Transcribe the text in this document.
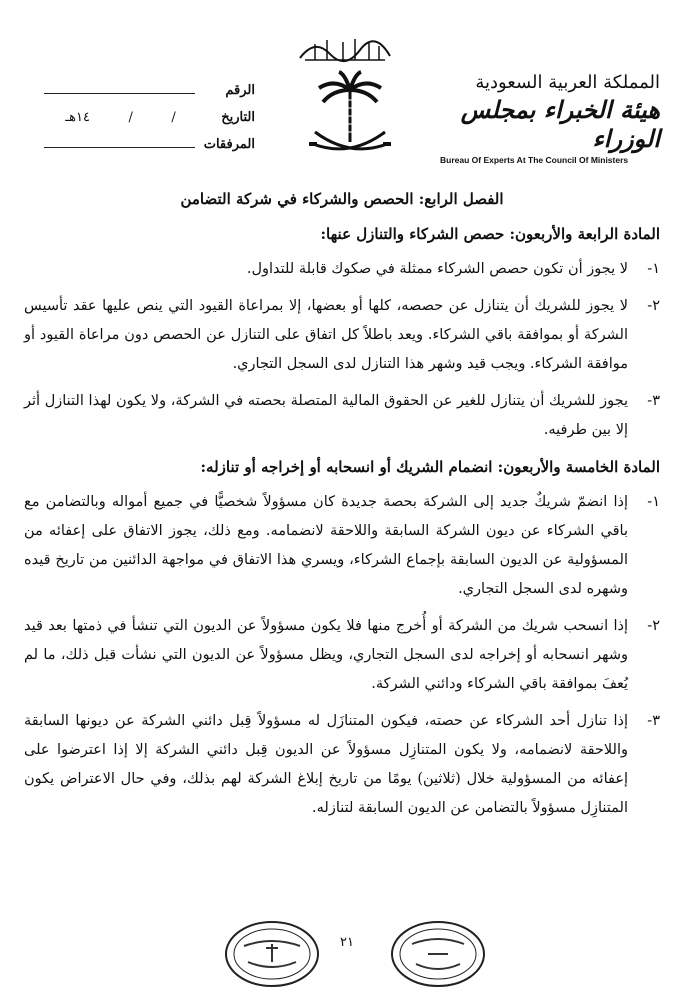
الرقم
التاريخ
/
/
١٤هـ
المرفقات
المملكة العربية السعودية
هيئة الخبراء بمجلس الوزراء
Bureau Of Experts At The Council Of Ministers
الفصل الرابع: الحصص والشركاء في شركة التضامن
المادة الرابعة والأربعون: حصص الشركاء والتنازل عنها:
١-
لا يجوز أن تكون حصص الشركاء ممثلة في صكوك قابلة للتداول.
٢-
لا يجوز للشريك أن يتنازل عن حصصه، كلها أو بعضها، إلا بمراعاة القيود التي ينص عليها عقد تأسيس الشركة أو بموافقة باقي الشركاء. ويعد باطلاً كل اتفاق على التنازل عن الحصص دون مراعاة القيود أو موافقة الشركاء. ويجب قيد وشهر هذا التنازل لدى السجل التجاري.
٣-
يجوز للشريك أن يتنازل للغير عن الحقوق المالية المتصلة بحصته في الشركة، ولا يكون لهذا التنازل أثر إلا بين طرفيه.
المادة الخامسة والأربعون: انضمام الشريك أو انسحابه أو إخراجه أو تنازله:
١-
إذا انضمّ شريكٌ جديد إلى الشركة بحصة جديدة كان مسؤولاً شخصيًّا في جميع أمواله وبالتضامن مع باقي الشركاء عن ديون الشركة السابقة واللاحقة لانضمامه. ومع ذلك، يجوز الاتفاق على إعفائه من المسؤولية عن الديون السابقة بإجماع الشركاء، ويسري هذا الاتفاق في مواجهة الدائنين من تاريخ قيده وشهره لدى السجل التجاري.
٢-
إذا انسحب شريك من الشركة أو أُخرج منها فلا يكون مسؤولاً عن الديون التي تنشأ في ذمتها بعد قيد وشهر انسحابه أو إخراجه لدى السجل التجاري، ويظل مسؤولاً عن الديون التي نشأت قبل ذلك، ما لم يُعفَ بموافقة باقي الشركاء ودائني الشركة.
٣-
إذا تنازل أحد الشركاء عن حصته، فيكون المتنازَل له مسؤولاً قِبل دائني الشركة عن ديونها السابقة واللاحقة لانضمامه، ولا يكون المتنازِل مسؤولاً عن الديون قِبل دائني الشركة إلا إذا اعترضوا على إعفائه من المسؤولية خلال (ثلاثين) يومًا من تاريخ إبلاغ الشركة لهم بذلك، وفي حال الاعتراض يكون المتنازِل مسؤولاً بالتضامن عن الديون السابقة لتنازله.
٢١
